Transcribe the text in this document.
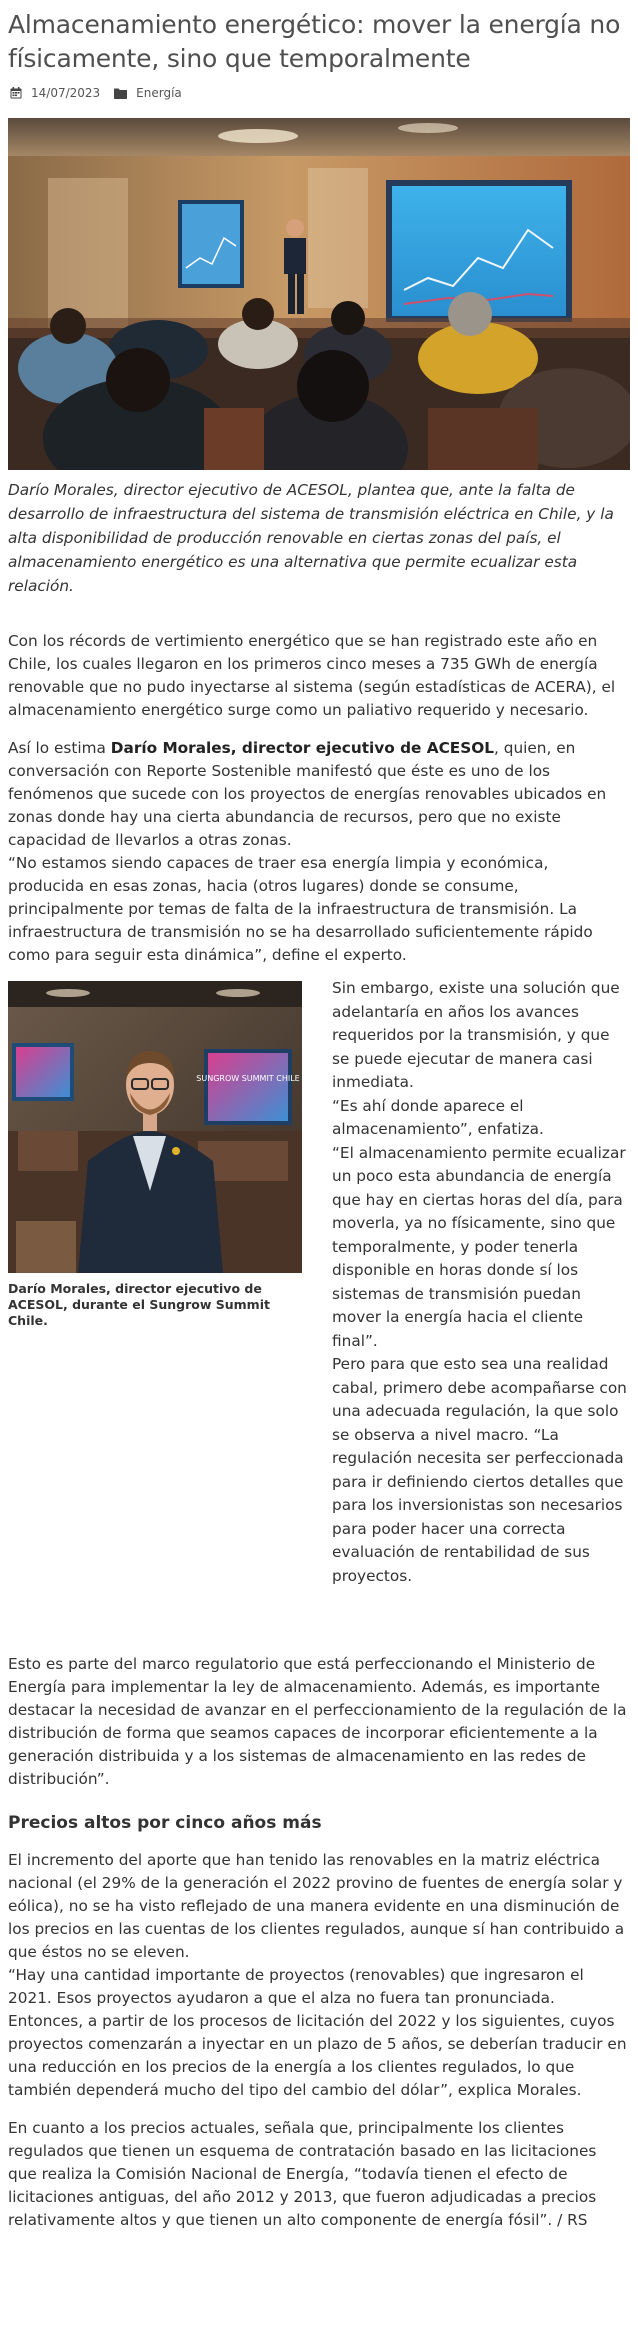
Almacenamiento energético: mover la energía no físicamente, sino que temporalmente
14/07/2023	Energía
Darío Morales, director ejecutivo de ACESOL, plantea que, ante la falta de desarrollo de infraestructura del sistema de transmisión eléctrica en Chile, y la alta disponibilidad de producción renovable en ciertas zonas del país, el almacenamiento energético es una alternativa que permite ecualizar esta relación.

Con los récords de vertimiento energético que se han registrado este año en Chile, los cuales llegaron en los primeros cinco meses a 735 GWh de energía renovable que no pudo inyectarse al sistema (según estadísticas de ACERA), el almacenamiento energético surge como un paliativo requerido y necesario.

Así lo estima Darío Morales, director ejecutivo de ACESOL, quien, en conversación con Reporte Sostenible manifestó que éste es uno de los fenómenos que sucede con los proyectos de energías renovables ubicados en zonas donde hay una cierta abundancia de recursos, pero que no existe capacidad de llevarlos a otras zonas.

“No estamos siendo capaces de traer esa energía limpia y económica, producida en esas zonas, hacia (otros lugares) donde se consume, principalmente por temas de falta de la infraestructura de transmisión. La infraestructura de transmisión no se ha desarrollado suficientemente rápido como para seguir esta dinámica”, define el experto.

SUNGROW SUMMIT CHILE
Darío Morales, director ejecutivo de ACESOL, durante el Sungrow Summit Chile.

Sin embargo, existe una solución que adelantaría en años los avances requeridos por la transmisión, y que se puede ejecutar de manera casi inmediata.

“Es ahí donde aparece el almacenamiento”, enfatiza.

“El almacenamiento permite ecualizar un poco esta abundancia de energía que hay en ciertas horas del día, para moverla, ya no físicamente, sino que temporalmente, y poder tenerla disponible en horas donde sí los sistemas de transmisión puedan mover la energía hacia el cliente final”.

Pero para que esto sea una realidad cabal, primero debe acompañarse con una adecuada regulación, la que solo se observa a nivel macro. “La regulación necesita ser perfeccionada para ir definiendo ciertos detalles que para los inversionistas son necesarios para poder hacer una correcta evaluación de rentabilidad de sus proyectos.

Esto es parte del marco regulatorio que está perfeccionando el Ministerio de Energía para implementar la ley de almacenamiento. Además, es importante destacar la necesidad de avanzar en el perfeccionamiento de la regulación de la distribución de forma que seamos capaces de incorporar eficientemente a la generación distribuida y a los sistemas de almacenamiento en las redes de distribución”.

Precios altos por cinco años más

El incremento del aporte que han tenido las renovables en la matriz eléctrica nacional (el 29% de la generación el 2022 provino de fuentes de energía solar y eólica), no se ha visto reflejado de una manera evidente en una disminución de los precios en las cuentas de los clientes regulados, aunque sí han contribuido a que éstos no se eleven.

“Hay una cantidad importante de proyectos (renovables) que ingresaron el 2021. Esos proyectos ayudaron a que el alza no fuera tan pronunciada. Entonces, a partir de los procesos de licitación del 2022 y los siguientes, cuyos proyectos comenzarán a inyectar en un plazo de 5 años, se deberían traducir en una reducción en los precios de la energía a los clientes regulados, lo que también dependerá mucho del tipo del cambio del dólar”, explica Morales.

En cuanto a los precios actuales, señala que, principalmente los clientes regulados que tienen un esquema de contratación basado en las licitaciones que realiza la Comisión Nacional de Energía, “todavía tienen el efecto de licitaciones antiguas, del año 2012 y 2013, que fueron adjudicadas a precios relativamente altos y que tienen un alto componente de energía fósil”. / RS
